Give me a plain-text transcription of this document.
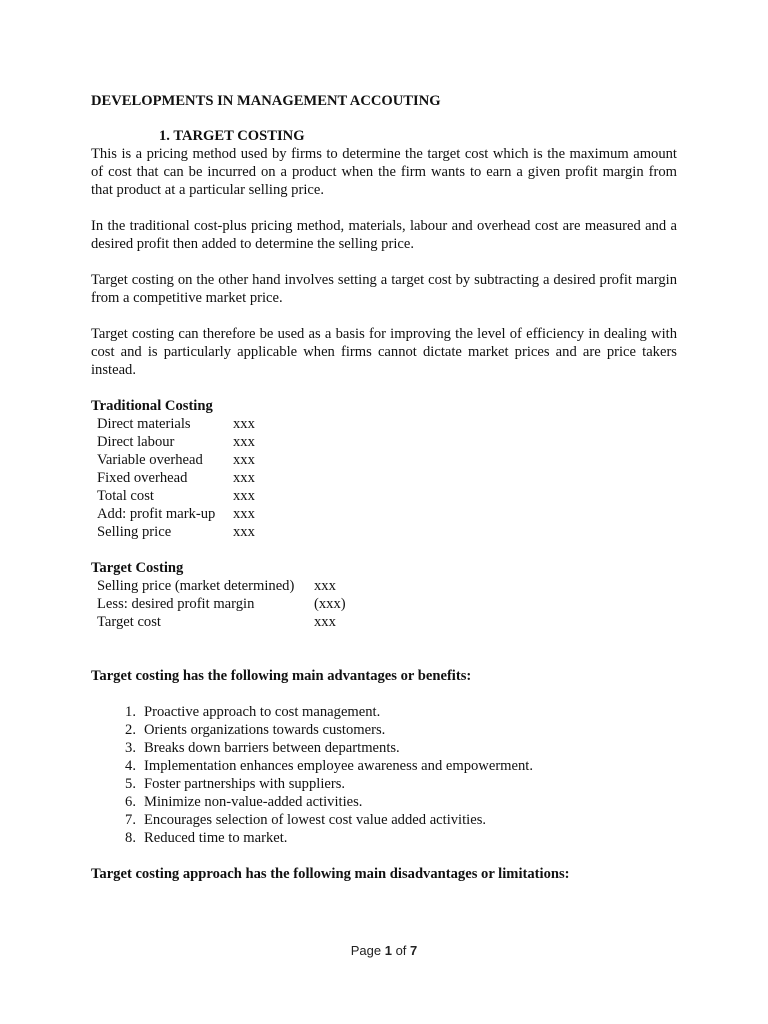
DEVELOPMENTS IN MANAGEMENT ACCOUTING

1. TARGET COSTING

This is a pricing method used by firms to determine the target cost which is the maximum amount of cost that can be incurred on a product when the firm wants to earn a given profit margin from that product at a particular selling price.

In the traditional cost-plus pricing method, materials, labour and overhead cost are measured and a desired profit then added to determine the selling price.

Target costing on the other hand involves setting a target cost by subtracting a desired profit margin from a competitive market price.

Target costing can therefore be used as a basis for improving the level of efficiency in dealing with cost and is particularly applicable when firms cannot dictate market prices and are price takers instead.

Traditional Costing

Direct materials	xxx
Direct labour	xxx
Variable overhead	xxx
Fixed overhead	xxx
Total cost	xxx
Add: profit mark-up	xxx
Selling price	xxx

Target Costing

Selling price (market determined)	xxx
Less: desired profit margin	(xxx)
Target cost	xxx

Target costing has the following main advantages or benefits:

1. Proactive approach to cost management.
2. Orients organizations towards customers.
3. Breaks down barriers between departments.
4. Implementation enhances employee awareness and empowerment.
5. Foster partnerships with suppliers.
6. Minimize non-value-added activities.
7. Encourages selection of lowest cost value added activities.
8. Reduced time to market.

Target costing approach has the following main disadvantages or limitations:

Page 1 of 7
